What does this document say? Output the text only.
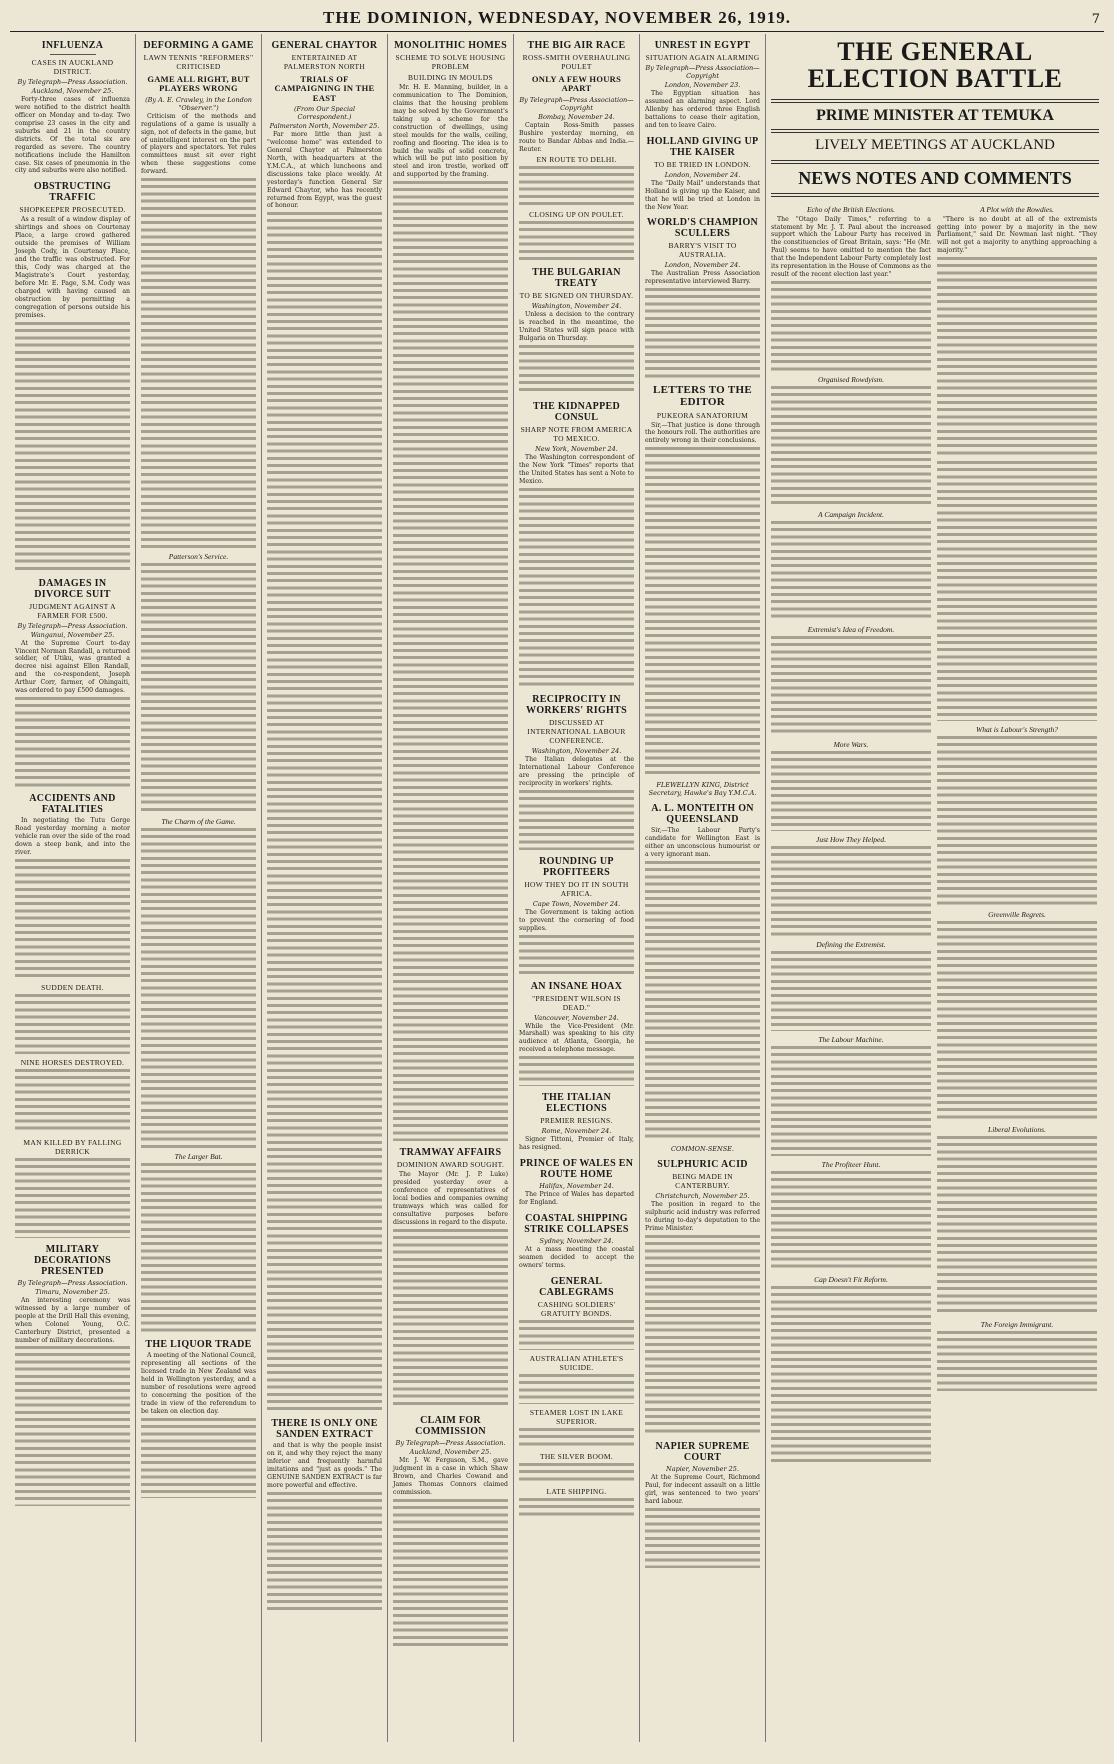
THE DOMINION, WEDNESDAY, NOVEMBER 26, 1919.	7
INFLUENZA
CASES IN AUCKLAND DISTRICT.
By Telegraph—Press Association.
Auckland, November 25.

Forty-three cases of influenza were notified to the district health officer on Monday and to-day. Two comprise 23 cases in the city and suburbs and 21 in the country districts. Of the total six are regarded as severe. The country notifications include the Hamilton case. Six cases of pneumonia in the city and suburbs were also notified.

OBSTRUCTING TRAFFIC
SHOPKEEPER PROSECUTED.

As a result of a window display of shirtings and shoes on Courtenay Place, a large crowd gathered outside the premises of William Joseph Cody, in Courtenay Place, and the traffic was obstructed. For this, Cody was charged at the Magistrate's Court yesterday, before Mr. E. Page, S.M. Cody was charged with having caused an obstruction by permitting a congregation of persons outside his premises.

DAMAGES IN DIVORCE SUIT
JUDGMENT AGAINST A FARMER FOR £500.
By Telegraph—Press Association.
Wanganui, November 25.

At the Supreme Court to-day Vincent Norman Randall, a returned soldier, of Utiku, was granted a decree nisi against Ellen Randall, and the co-respondent, Joseph Arthur Corr, farmer, of Ohingaiti, was ordered to pay £500 damages.

ACCIDENTS AND FATALITIES

In negotiating the Tutu Gorge Road yesterday morning a motor vehicle ran over the side of the road down a steep bank, and into the river.

SUDDEN DEATH.
NINE HORSES DESTROYED.
MAN KILLED BY FALLING DERRICK
MILITARY DECORATIONS PRESENTED
By Telegraph—Press Association.
Timaru, November 25.

An interesting ceremony was witnessed by a large number of people at the Drill Hall this evening, when Colonel Young, O.C. Canterbury District, presented a number of military decorations.

DEFORMING A GAME
LAWN TENNIS "REFORMERS" CRITICISED
GAME ALL RIGHT, BUT PLAYERS WRONG
(By A. E. Crawley, in the London "Observer.")

Criticism of the methods and regulations of a game is usually a sign, not of defects in the game, but of unintelligent interest on the part of players and spectators. Yet rules committees must sit ever right when these suggestions come forward.

Patterson's Service.
The Charm of the Game.
The Larger Bat.
THE LIQUOR TRADE

A meeting of the National Council, representing all sections of the licensed trade in New Zealand was held in Wellington yesterday, and a number of resolutions were agreed to concerning the position of the trade in view of the referendum to be taken on election day.

GENERAL CHAYTOR
ENTERTAINED AT PALMERSTON NORTH
TRIALS OF CAMPAIGNING IN THE EAST
(From Our Special Correspondent.)
Palmerston North, November 25.

Far more little than just a "welcome home" was extended to General Chaytor at Palmerston North, with headquarters at the Y.M.C.A., at which luncheons and discussions take place weekly. At yesterday's function General Sir Edward Chaytor, who has recently returned from Egypt, was the guest of honour.

THERE IS ONLY ONE SANDEN EXTRACT

and that is why the people insist on it, and why they reject the many inferior and frequently harmful imitations and "just as goods." The GENUINE SANDEN EXTRACT is far more powerful and effective.

MONOLITHIC HOMES
SCHEME TO SOLVE HOUSING PROBLEM
BUILDING IN MOULDS

Mr. H. E. Manning, builder, in a communication to The Dominion, claims that the housing problem may be solved by the Government's taking up a scheme for the construction of dwellings, using steel moulds for the walls, ceiling, roofing and flooring. The idea is to build the walls of solid concrete, which will be put into position by steel and iron trestle, worked off and supported by the framing.

TRAMWAY AFFAIRS
DOMINION AWARD SOUGHT.

The Mayor (Mr. J. P. Luke) presided yesterday over a conference of representatives of local bodies and companies owning tramways which was called for consultative purposes before discussions in regard to the dispute.

CLAIM FOR COMMISSION
By Telegraph—Press Association.
Auckland, November 25.

Mr. J. W. Ferguson, S.M., gave judgment in a case in which Shaw Brown, and Charles Cowand and James Thomas Connors claimed commission.

THE BIG AIR RACE
ROSS-SMITH OVERHAULING POULET
ONLY A FEW HOURS APART
By Telegraph—Press Association—Copyright
Bombay, November 24.

Captain Ross-Smith passes Bushire yesterday morning, en route to Bandar Abbas and India.—Reuter.

EN ROUTE TO DELHI.
CLOSING UP ON POULET.
THE BULGARIAN TREATY
TO BE SIGNED ON THURSDAY.
Washington, November 24.

Unless a decision to the contrary is reached in the meantime, the United States will sign peace with Bulgaria on Thursday.

THE KIDNAPPED CONSUL
SHARP NOTE FROM AMERICA TO MEXICO.
New York, November 24.

The Washington correspondent of the New York "Times" reports that the United States has sent a Note to Mexico.

RECIPROCITY IN WORKERS' RIGHTS
DISCUSSED AT INTERNATIONAL LABOUR CONFERENCE.
Washington, November 24.

The Italian delegates at the International Labour Conference are pressing the principle of reciprocity in workers' rights.

ROUNDING UP PROFITEERS
HOW THEY DO IT IN SOUTH AFRICA.
Cape Town, November 24.

The Government is taking action to prevent the cornering of food supplies.

AN INSANE HOAX
"PRESIDENT WILSON IS DEAD."
Vancouver, November 24.

While the Vice-President (Mr. Marshall) was speaking to his city audience at Atlanta, Georgia, he received a telephone message.

THE ITALIAN ELECTIONS
PREMIER RESIGNS.
Rome, November 24.

Signor Tittoni, Premier of Italy, has resigned.

PRINCE OF WALES EN ROUTE HOME
Halifax, November 24.

The Prince of Wales has departed for England.

COASTAL SHIPPING STRIKE COLLAPSES
Sydney, November 24.

At a mass meeting the coastal seamen decided to accept the owners' terms.

GENERAL CABLEGRAMS
CASHING SOLDIERS' GRATUITY BONDS.
AUSTRALIAN ATHLETE'S SUICIDE.
STEAMER LOST IN LAKE SUPERIOR.
THE SILVER BOOM.
LATE SHIPPING.
UNREST IN EGYPT
SITUATION AGAIN ALARMING
By Telegraph—Press Association—Copyright
London, November 23.

The Egyptian situation has assumed an alarming aspect. Lord Allenby has ordered three English battalions to cease their agitation, and ten to leave Cairo.

HOLLAND GIVING UP THE KAISER
TO BE TRIED IN LONDON.
London, November 24.

The "Daily Mail" understands that Holland is giving up the Kaiser, and that he will be tried at London in the New Year.

WORLD'S CHAMPION SCULLERS
BARRY'S VISIT TO AUSTRALIA.
London, November 24.

The Australian Press Association representative interviewed Barry.

LETTERS TO THE EDITOR
PUKEORA SANATORIUM

Sir,—That justice is done through the honours roll. The authorities are entirely wrong in their conclusions.

FLEWELLYN KING, District Secretary, Hawke's Bay Y.M.C.A.
A. L. MONTEITH ON QUEENSLAND

Sir,—The Labour Party's candidate for Wellington East is either an unconscious humourist or a very ignorant man.

COMMON-SENSE.
SULPHURIC ACID
BEING MADE IN CANTERBURY.
Christchurch, November 25.

The position in regard to the sulphuric acid industry was referred to during to-day's deputation to the Prime Minister.

NAPIER SUPREME COURT
Napier, November 25.

At the Supreme Court, Richmond Paul, for indecent assault on a little girl, was sentenced to two years' hard labour.

THE GENERAL ELECTION BATTLE
PRIME MINISTER AT TEMUKA
LIVELY MEETINGS AT AUCKLAND
NEWS NOTES AND COMMENTS
Echo of the British Elections.

The "Otago Daily Times," referring to a statement by Mr. J. T. Paul about the increased support which the Labour Party has received in the constituencies of Great Britain, says: "He (Mr. Paul) seems to have omitted to mention the fact that the Independent Labour Party completely lost its representation in the House of Commons as the result of the recent election last year."

Organised Rowdyism.
A Campaign Incident.
Extremist's Idea of Freedom.
More Wars.
Just How They Helped.
Defining the Extremist.
The Labour Machine.
The Profiteer Hunt.
Cap Doesn't Fit Reform.
A Plot with the Rowdies.

"There is no doubt at all of the extremists getting into power by a majority in the new Parliament," said Dr. Newman last night. "They will not get a majority to anything approaching a majority."

What is Labour's Strength?
Greenville Regrets.
Liberal Evolutions.
The Foreign Immigrant.
